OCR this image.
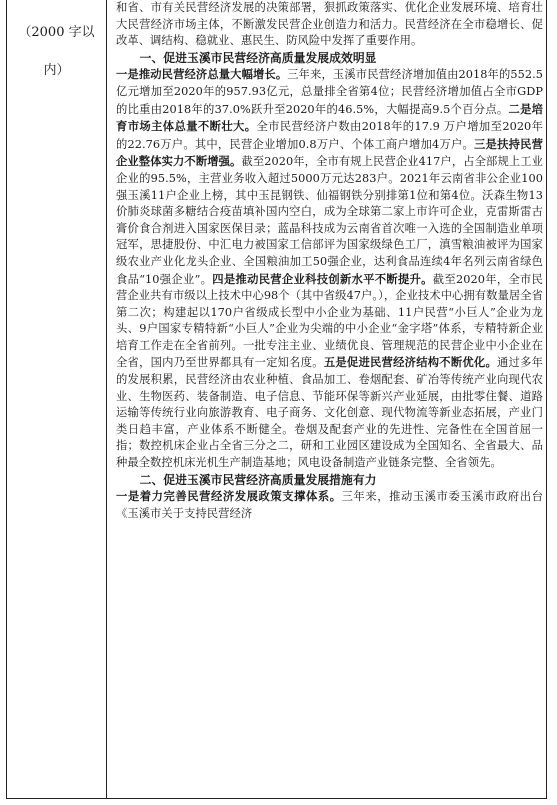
（2000 字以
内）

和省、市有关民营经济发展的决策部署，狠抓政策落实、优化企业发展环境、培育壮大民营经济市场主体，不断激发民营企业创造力和活力。民营经济在全市稳增长、促改革、调结构、稳就业、惠民生、防风险中发挥了重要作用。

一、促进玉溪市民营经济高质量发展成效明显

一是推动民营经济总量大幅增长。三年来，玉溪市民营经济增加值由2018年的552.5亿元增加至2020年的957.93亿元，总量排全省第4位；民营经济增加值占全市GDP的比重由2018年的37.0%跃升至2020年的46.5%，大幅提高9.5个百分点。二是培育市场主体总量不断壮大。全市民营经济户数由2018年的17.9 万户增加至2020年的22.76万户。其中，民营企业增加0.8万户、个体工商户增加4万户。三是扶持民营企业整体实力不断增强。截至2020年，全市有规上民营企业417户，占全部规上工业企业的95.5%，主营业务收入超过5000万元达283户。2021年云南省非公企业100强玉溪11户企业上榜，其中玉昆钢铁、仙福钢铁分别排第1位和第4位。沃森生物13价肺炎球菌多糖结合疫苗填补国内空白，成为全球第二家上市许可企业，克雷斯雷古膏价食合剂进入国家医保目录；蓝晶科技成为云南省首次唯一入选的全国制造业单项冠军，思捷股份、中汇电力被国家工信部评为国家级绿色工厂，滇雪粮油被评为国家级农业产业化龙头企业、全国粮油加工50强企业，达利食品连续4年名列云南省绿色食品“10强企业”。四是推动民营企业科技创新水平不断提升。截至2020年，全市民营企业共有市级以上技术中心98个（其中省级47户。），企业技术中心拥有数量居全省第二次；构建起以170户省级成长型中小企业为基础、11户民营“小巨人”企业为龙头、9户国家专精特新“小巨人”企业为尖端的中小企业“金字塔”体系，专精特新企业培育工作走在全省前列。一批专注主业、业绩优良、管理规范的民营企业中小企业在全省，国内乃至世界都具有一定知名度。五是促进民营经济结构不断优化。通过多年的发展积累，民营经济由农业种植、食品加工、卷烟配套、矿冶等传统产业向现代农业、生物医药、装备制造、电子信息、节能环保等新兴产业延展，由批零住餐、道路运输等传统行业向旅游教育、电子商务、文化创意、现代物流等新业态拓展，产业门类日趋丰富，产业体系不断健全。卷烟及配套产业的先进性、完备性在全国首屈一指；数控机床企业占全省三分之二，研和工业园区建设成为全国知名、全省最大、品种最全数控机床光机生产制造基地；风电设备制造产业链条完整、全省领先。

二、促进玉溪市民营经济高质量发展措施有力

一是着力完善民营经济发展政策支撑体系。三年来，推动玉溪市委玉溪市政府出台《玉溪市关于支持民营经济
